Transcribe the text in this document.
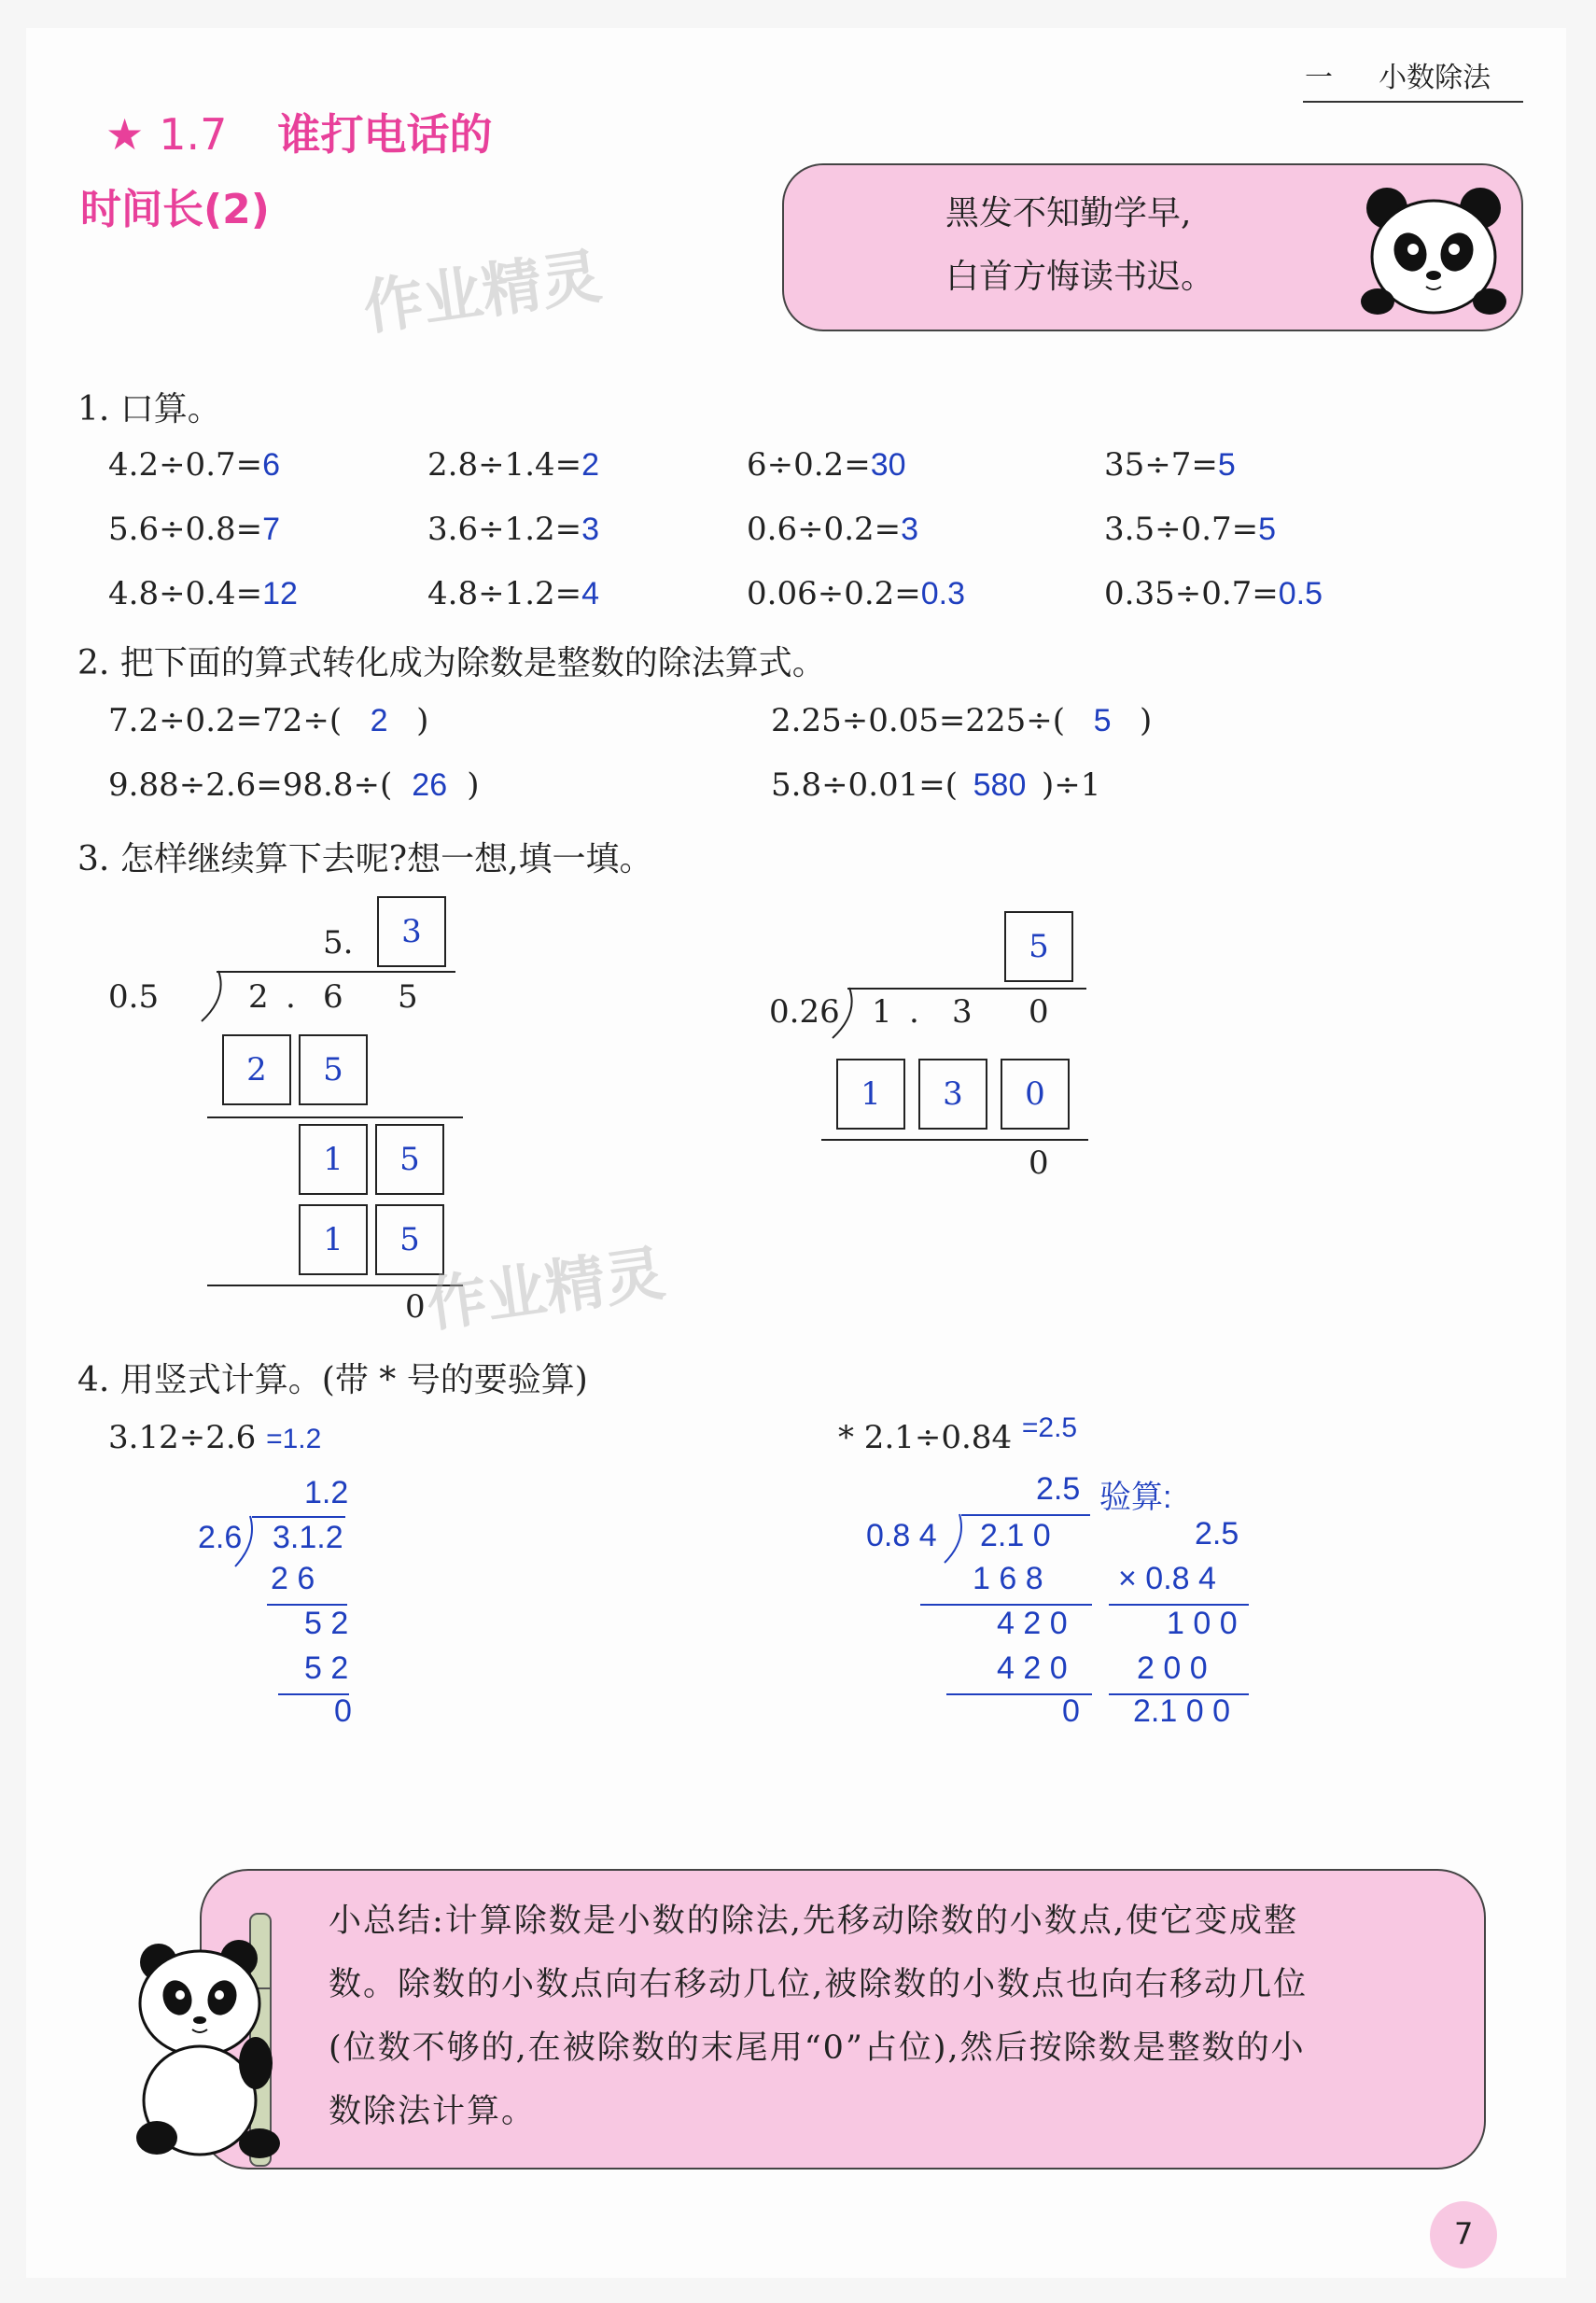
一 小数除法
★ 1.7 谁打电话的
时间长(2)
作业精灵
黑发不知勤学早,
白首方悔读书迟。
1. 口算。
4.2÷0.7=6	2.8÷1.4=2	6÷0.2=30	35÷7=5
5.6÷0.8=7	3.6÷1.2=3	0.6÷0.2=3	3.5÷0.7=5
4.8÷0.4=12	4.8÷1.2=4	0.06÷0.2=0.3	0.35÷0.7=0.5
2. 把下面的算式转化成为除数是整数的除法算式。
7.2÷0.2=72÷( 2 )	2.25÷0.05=225÷( 5 )
9.88÷2.6=98.8÷( 26 )	5.8÷0.01=( 580 )÷1
3. 怎样继续算下去呢?想一想,填一填。
5.	3
0.5	2 . 6 5
2	5
1	5
1	5
0
作业精灵
5
0.26 1 . 3 0
1	3	0
0
4. 用竖式计算。(带 * 号的要验算)
3.12÷2.6 =1.2
1.2
2.6 3.1.2
2 6
5 2
5 2
0
* 2.1÷0.84 =2.5
2.5 验算:
0.8 4 2.1 0
1 6 8
4 2 0
4 2 0
0
2.5
× 0.8 4
1 0 0
2 0 0
2.1 0 0
小总结:计算除数是小数的除法,先移动除数的小数点,使它变成整
数。除数的小数点向右移动几位,被除数的小数点也向右移动几位
(位数不够的,在被除数的末尾用“0”占位),然后按除数是整数的小
数除法计算。
7
